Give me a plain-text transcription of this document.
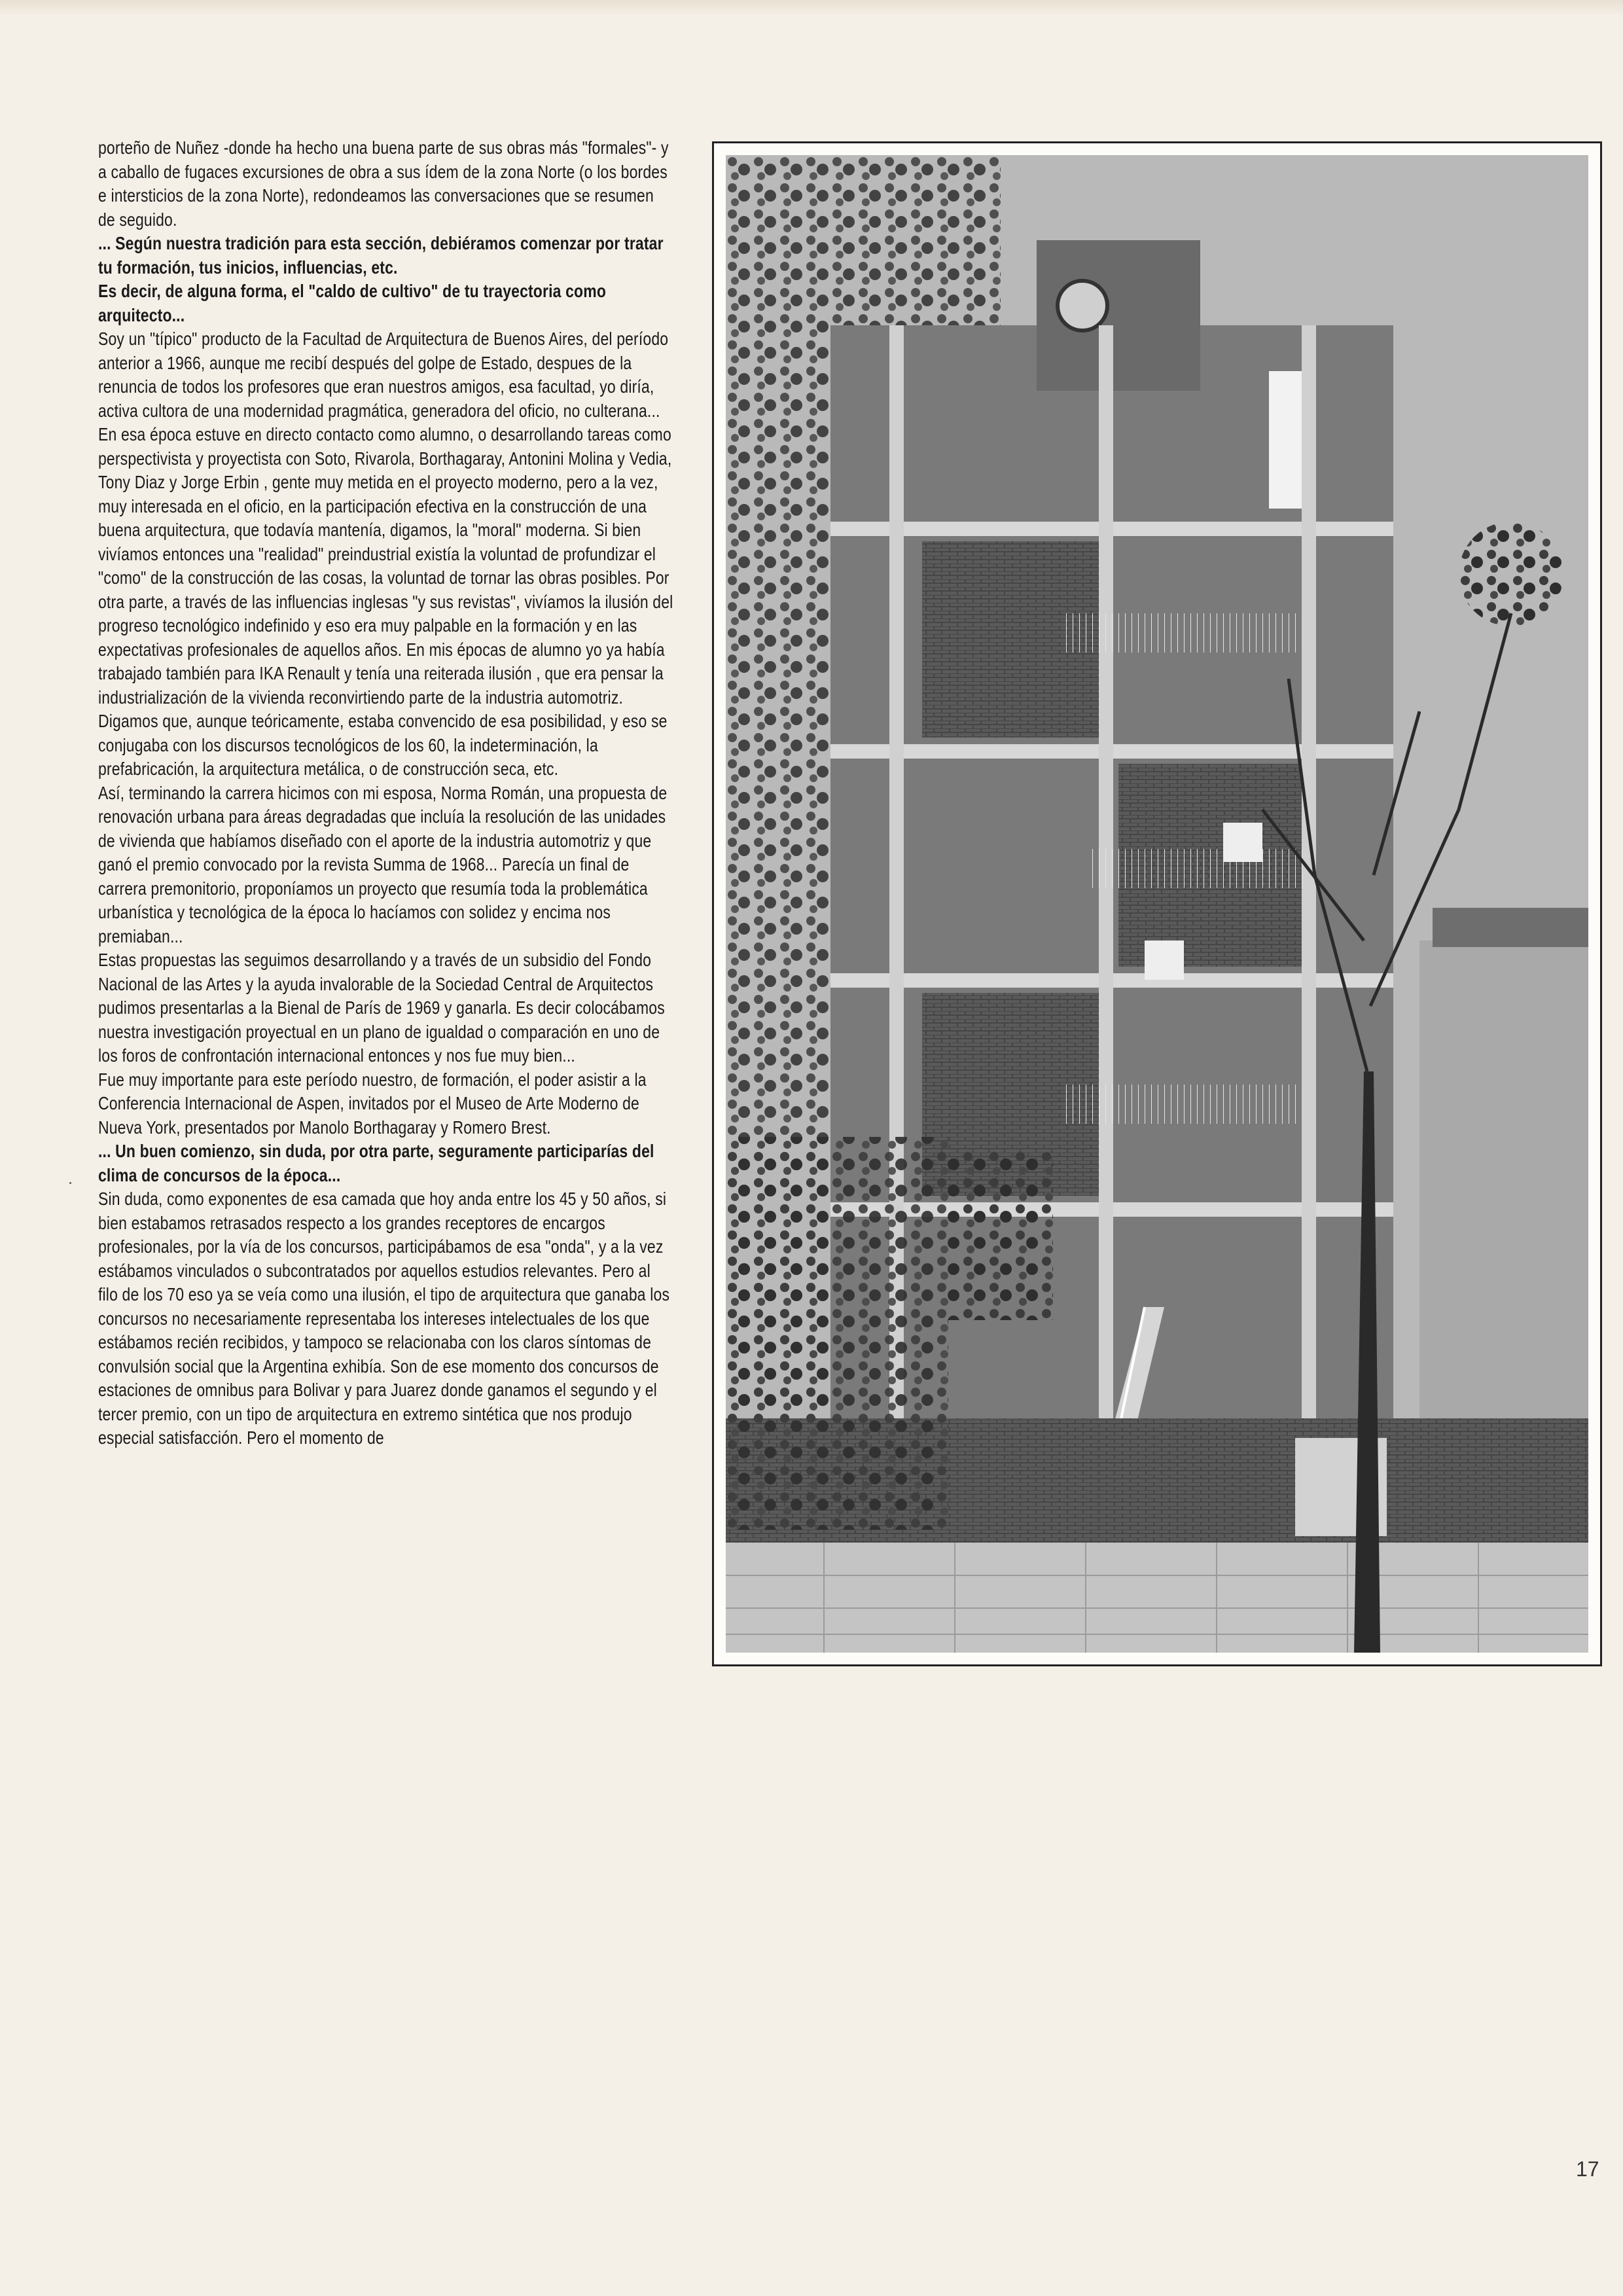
porteño de Nuñez -donde ha hecho una buena parte de sus obras más "formales"- y a caballo de fugaces excursiones de obra a sus ídem de la zona Norte (o los bordes e intersticios de la zona Norte), redondeamos las conversaciones que se resumen de seguido.

... Según nuestra tradición para esta sección, debiéramos comenzar por tratar tu formación, tus inicios, influencias, etc.

Es decir, de alguna forma, el "caldo de cultivo" de tu trayectoria como arquitecto...

Soy un "típico" producto de la Facultad de Arquitectura de Buenos Aires, del período anterior a 1966, aunque me recibí después del golpe de Estado, despues de la renuncia de todos los profesores que eran nuestros amigos, esa facultad, yo diría, activa cultora de una modernidad pragmática, generadora del oficio, no culterana...

En esa época estuve en directo contacto como alumno, o desarrollando tareas como perspectivista y proyectista con Soto, Rivarola, Borthagaray, Antonini Molina y Vedia, Tony Diaz y Jorge Erbin , gente muy metida en el proyecto moderno, pero a la vez, muy interesada en el oficio, en la participación efectiva en la construcción de una buena arquitectura, que todavía mantenía, digamos, la "moral" moderna. Si bien vivíamos entonces una "realidad" preindustrial existía la voluntad de profundizar el "como" de la construcción de las cosas, la voluntad de tornar las obras posibles. Por otra parte, a través de las influencias inglesas "y sus revistas", vivíamos la ilusión del progreso tecnológico indefinido y eso era muy palpable en la formación y en las expectativas profesionales de aquellos años. En mis épocas de alumno yo ya había trabajado también para IKA Renault y tenía una reiterada ilusión , que era pensar la industrialización de la vivienda reconvirtiendo parte de la industria automotriz. Digamos que, aunque teóricamente, estaba convencido de esa posibilidad, y eso se conjugaba con los discursos tecnológicos de los 60, la indeterminación, la prefabricación, la arquitectura metálica, o de construcción seca, etc.

Así, terminando la carrera hicimos con mi esposa, Norma Román, una propuesta de renovación urbana para áreas degradadas que incluía la resolución de las unidades de vivienda que habíamos diseñado con el aporte de la industria automotriz y que ganó el premio convocado por la revista Summa de 1968... Parecía un final de carrera premonitorio, proponíamos un proyecto que resumía toda la problemática urbanística y tecnológica de la época lo hacíamos con solidez y encima nos premiaban...

Estas propuestas las seguimos desarrollando y a través de un subsidio del Fondo Nacional de las Artes y la ayuda invalorable de la Sociedad Central de Arquitectos pudimos presentarlas a la Bienal de París de 1969 y ganarla. Es decir colocábamos nuestra investigación proyectual en un plano de igualdad o comparación en uno de los foros de confrontación internacional entonces y nos fue muy bien...

Fue muy importante para este período nuestro, de formación, el poder asistir a la Conferencia Internacional de Aspen, invitados por el Museo de Arte Moderno de Nueva York, presentados por Manolo Borthagaray y Romero Brest.

... Un buen comienzo, sin duda, por otra parte, seguramente participarías del clima de concursos de la época...

Sin duda, como exponentes de esa camada que hoy anda entre los 45 y 50 años, si bien estabamos retrasados respecto a los grandes receptores de encargos profesionales, por la vía de los concursos, participábamos de esa "onda", y a la vez estábamos vinculados o subcontratados por aquellos estudios relevantes. Pero al filo de los 70 eso ya se veía como una ilusión, el tipo de arquitectura que ganaba los concursos no necesariamente representaba los intereses intelectuales de los que estábamos recién recibidos, y tampoco se relacionaba con los claros síntomas de convulsión social que la Argentina exhibía. Son de ese momento dos concursos de estaciones de omnibus para Bolivar y para Juarez donde ganamos el segundo y el tercer premio, con un tipo de arquitectura en extremo sintética que nos produjo especial satisfacción. Pero el momento de

17
